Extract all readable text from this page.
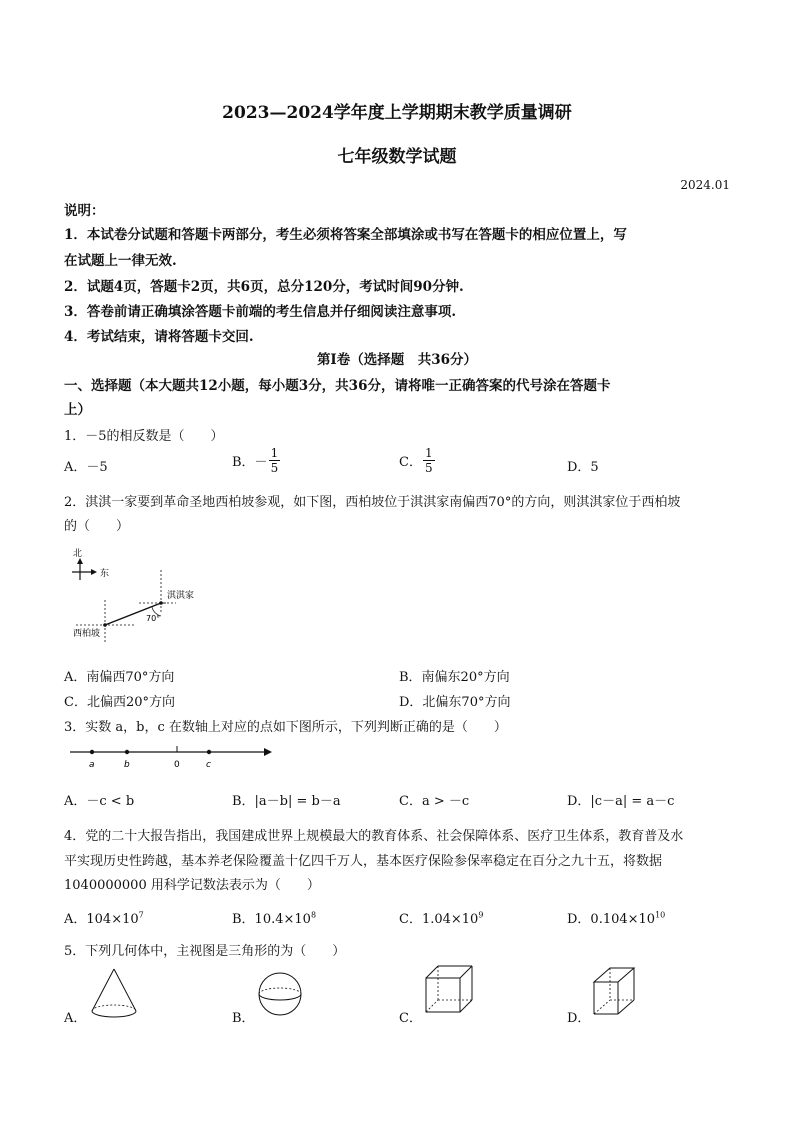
2023—2024学年度上学期期末教学质量调研
七年级数学试题
2024.01
说明：
1．本试卷分试题和答题卡两部分，考生必须将答案全部填涂或书写在答题卡的相应位置上，写
在试题上一律无效.
2．试题4页，答题卡2页，共6页，总分120分，考试时间90分钟.
3．答卷前请正确填涂答题卡前端的考生信息并仔细阅读注意事项.
4．考试结束，请将答题卡交回.
第Ⅰ卷（选择题　共36分）
一、选择题（本大题共12小题，每小题3分，共36分，请将唯一正确答案的代号涂在答题卡
上）
1．－5的相反数是（　　）
A．－5	B．－ $\frac{1}{5}$	C． $\frac{1}{5}$	D．5
2．淇淇一家要到革命圣地西柏坡参观，如下图，西柏坡位于淇淇家南偏西70°的方向，则淇淇家位于西柏坡
的（　　）
北
东
淇淇家
西柏坡
70°
A．南偏西70°方向	B．南偏东20°方向
C．北偏西20°方向	D．北偏东70°方向
3．实数 a，b，c 在数轴上对应的点如下图所示，下列判断正确的是（　　）
a	b	0	c
A．－c < b	B．|a－b| = b－a	C．a > －c	D．|c－a| = a－c
4．党的二十大报告指出，我国建成世界上规模最大的教育体系、社会保障体系、医疗卫生体系，教育普及水
平实现历史性跨越，基本养老保险覆盖十亿四千万人，基本医疗保险参保率稳定在百分之九十五，将数据
1040000000 用科学记数法表示为（　　）
A．$104\times 10^7$	B．$10.4\times 10^8$	C．$1.04\times 10^9$	D．$0.104\times 10^{10}$
5．下列几何体中，主视图是三角形的为（　　）
A．	B．	C．	D．
